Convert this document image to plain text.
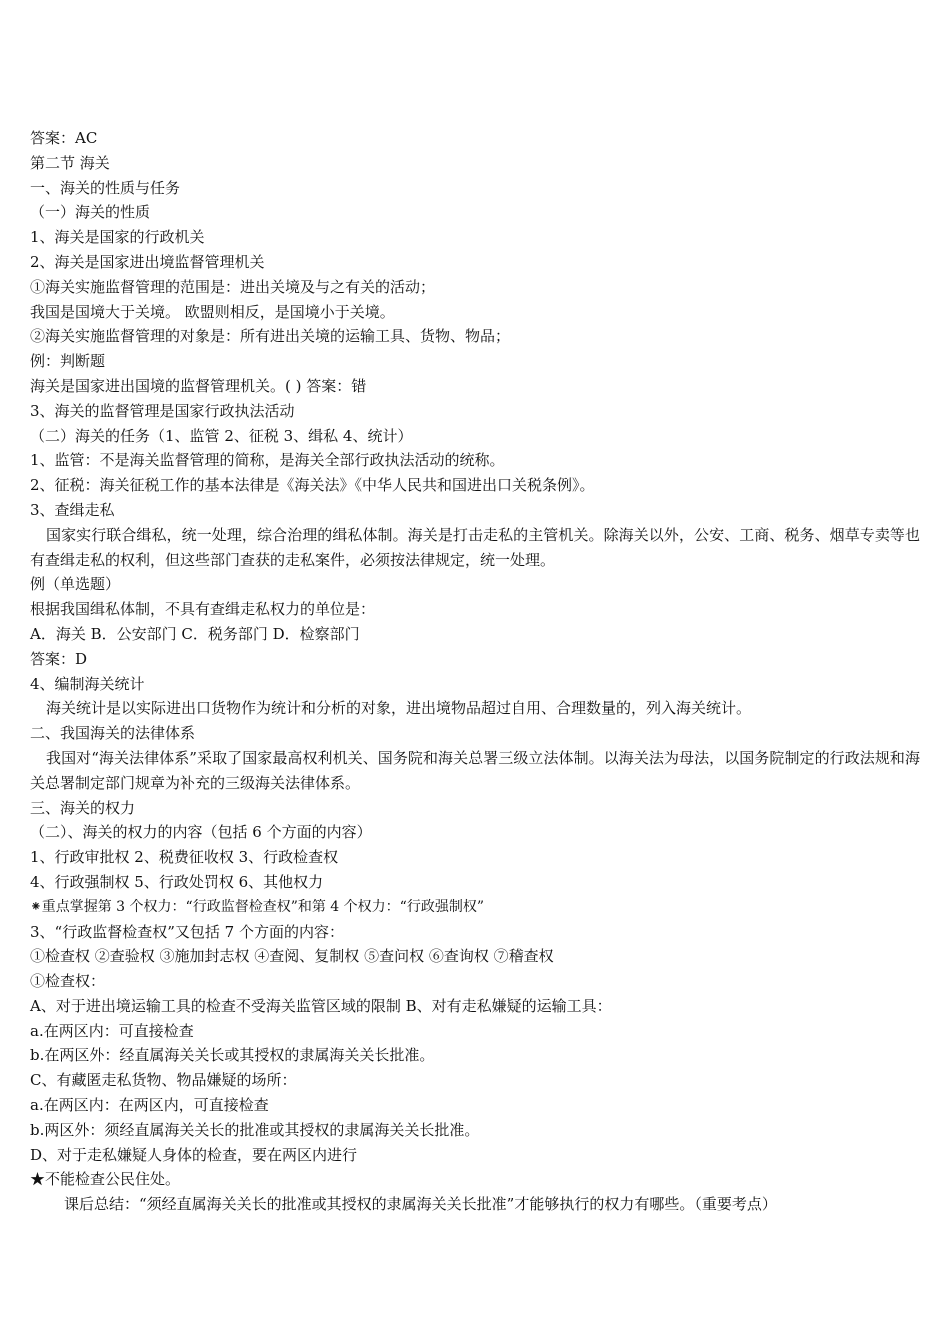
答案：AC
第二节 海关
一、海关的性质与任务
（一）海关的性质
1、海关是国家的行政机关
2、海关是国家进出境监督管理机关
①海关实施监督管理的范围是：进出关境及与之有关的活动；
我国是国境大于关境。 欧盟则相反，是国境小于关境。
②海关实施监督管理的对象是：所有进出关境的运输工具、货物、物品；
例：判断题
海关是国家进出国境的监督管理机关。( ) 答案：错
3、海关的监督管理是国家行政执法活动
（二）海关的任务（1、监管 2、征税 3、缉私 4、统计）
1、监管：不是海关监督管理的简称，是海关全部行政执法活动的统称。
2、征税：海关征税工作的基本法律是《海关法》《中华人民共和国进出口关税条例》。
3、查缉走私
国家实行联合缉私，统一处理，综合治理的缉私体制。海关是打击走私的主管机关。除海关以外，公安、工商、税务、烟草专卖等也有查缉走私的权利，但这些部门查获的走私案件，必须按法律规定，统一处理。
例（单选题）
根据我国缉私体制，不具有查缉走私权力的单位是：
A．海关 B．公安部门 C．税务部门 D．检察部门
答案：D
4、编制海关统计
海关统计是以实际进出口货物作为统计和分析的对象，进出境物品超过自用、合理数量的，列入海关统计。
二、我国海关的法律体系
我国对“海关法律体系”采取了国家最高权利机关、国务院和海关总署三级立法体制。以海关法为母法，以国务院制定的行政法规和海关总署制定部门规章为补充的三级海关法律体系。
三、海关的权力
（二）、海关的权力的内容（包括 6 个方面的内容）
1、行政审批权 2、税费征收权 3、行政检查权
4、行政强制权 5、行政处罚权 6、其他权力
⁕重点掌握第 3 个权力：“行政监督检查权”和第 4 个权力：“行政强制权”
3、“行政监督检查权”又包括 7 个方面的内容：
①检查权 ②查验权 ③施加封志权 ④查阅、复制权 ⑤查问权 ⑥查询权 ⑦稽查权
①检查权：
A、对于进出境运输工具的检查不受海关监管区域的限制 B、对有走私嫌疑的运输工具：
a.在两区内：可直接检查
b.在两区外：经直属海关关长或其授权的隶属海关关长批准。
C、有藏匿走私货物、物品嫌疑的场所：
a.在两区内：在两区内，可直接检查
b.两区外：须经直属海关关长的批准或其授权的隶属海关关长批准。
D、对于走私嫌疑人身体的检查，要在两区内进行
★不能检查公民住处。
课后总结：“须经直属海关关长的批准或其授权的隶属海关关长批准”才能够执行的权力有哪些。（重要考点）
